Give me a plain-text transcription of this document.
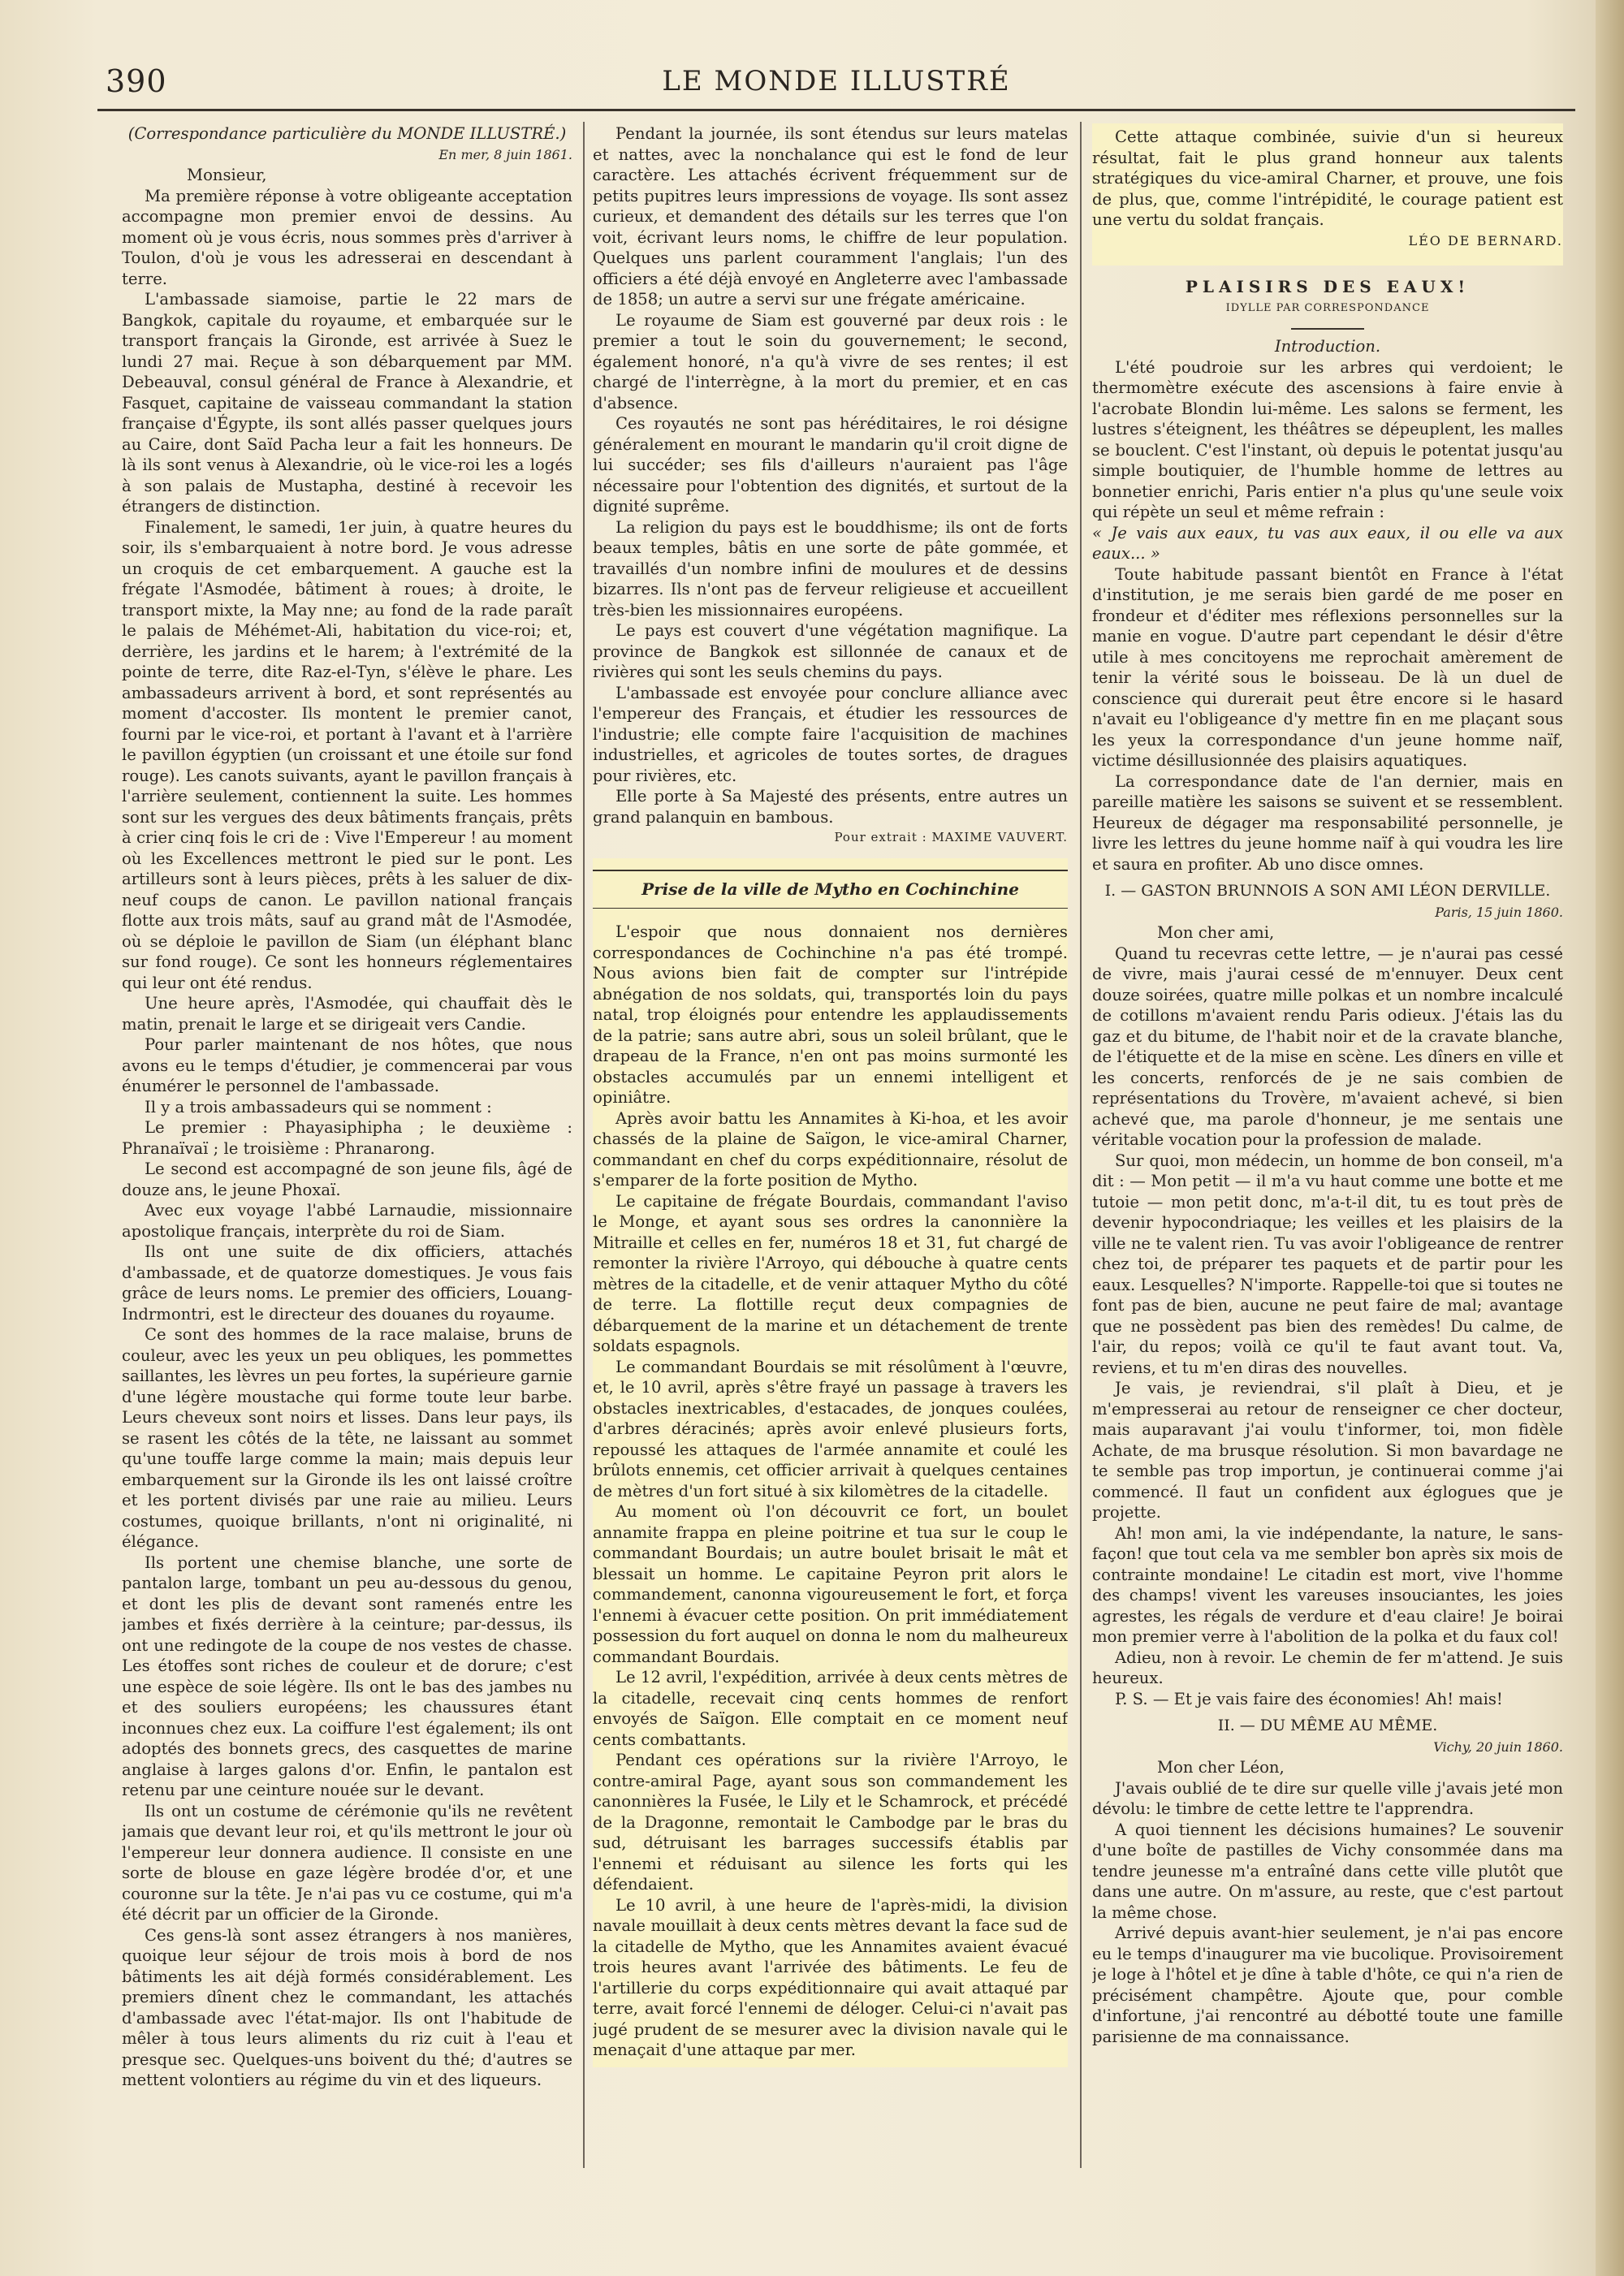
390	LE MONDE ILLUSTRÉ

(Correspondance particulière du MONDE ILLUSTRÉ.)

En mer, 8 juin 1861.

Monsieur,

Ma première réponse à votre obligeante acceptation accompagne mon premier envoi de dessins. Au moment où je vous écris, nous sommes près d'arriver à Toulon, d'où je vous les adresserai en descendant à terre.

L'ambassade siamoise, partie le 22 mars de Bangkok, capitale du royaume, et embarquée sur le transport français la Gironde, est arrivée à Suez le lundi 27 mai. Reçue à son débarquement par MM. Debeauval, consul général de France à Alexandrie, et Fasquet, capitaine de vaisseau commandant la station française d'Égypte, ils sont allés passer quelques jours au Caire, dont Saïd Pacha leur a fait les honneurs. De là ils sont venus à Alexandrie, où le vice-roi les a logés à son palais de Mustapha, destiné à recevoir les étrangers de distinction.

Finalement, le samedi, 1er juin, à quatre heures du soir, ils s'embarquaient à notre bord. Je vous adresse un croquis de cet embarquement. A gauche est la frégate l'Asmodée, bâtiment à roues; à droite, le transport mixte, la May nne; au fond de la rade paraît le palais de Méhémet-Ali, habitation du vice-roi; et, derrière, les jardins et le harem; à l'extrémité de la pointe de terre, dite Raz-el-Tyn, s'élève le phare. Les ambassadeurs arrivent à bord, et sont représentés au moment d'accoster. Ils montent le premier canot, fourni par le vice-roi, et portant à l'avant et à l'arrière le pavillon égyptien (un croissant et une étoile sur fond rouge). Les canots suivants, ayant le pavillon français à l'arrière seulement, contiennent la suite. Les hommes sont sur les vergues des deux bâtiments français, prêts à crier cinq fois le cri de : Vive l'Empereur ! au moment où les Excellences mettront le pied sur le pont. Les artilleurs sont à leurs pièces, prêts à les saluer de dix-neuf coups de canon. Le pavillon national français flotte aux trois mâts, sauf au grand mât de l'Asmodée, où se déploie le pavillon de Siam (un éléphant blanc sur fond rouge). Ce sont les honneurs réglementaires qui leur ont été rendus.

Une heure après, l'Asmodée, qui chauffait dès le matin, prenait le large et se dirigeait vers Candie.

Pour parler maintenant de nos hôtes, que nous avons eu le temps d'étudier, je commencerai par vous énumérer le personnel de l'ambassade.

Il y a trois ambassadeurs qui se nomment :

Le premier : Phayasiphipha ; le deuxième : Phranaïvaï ; le troisième : Phranarong.

Le second est accompagné de son jeune fils, âgé de douze ans, le jeune Phoxaï.

Avec eux voyage l'abbé Larnaudie, missionnaire apostolique français, interprète du roi de Siam.

Ils ont une suite de dix officiers, attachés d'ambassade, et de quatorze domestiques. Je vous fais grâce de leurs noms. Le premier des officiers, Louang-Indrmontri, est le directeur des douanes du royaume.

Ce sont des hommes de la race malaise, bruns de couleur, avec les yeux un peu obliques, les pommettes saillantes, les lèvres un peu fortes, la supérieure garnie d'une légère moustache qui forme toute leur barbe. Leurs cheveux sont noirs et lisses. Dans leur pays, ils se rasent les côtés de la tête, ne laissant au sommet qu'une touffe large comme la main; mais depuis leur embarquement sur la Gironde ils les ont laissé croître et les portent divisés par une raie au milieu. Leurs costumes, quoique brillants, n'ont ni originalité, ni élégance.

Ils portent une chemise blanche, une sorte de pantalon large, tombant un peu au-dessous du genou, et dont les plis de devant sont ramenés entre les jambes et fixés derrière à la ceinture; par-dessus, ils ont une redingote de la coupe de nos vestes de chasse. Les étoffes sont riches de couleur et de dorure; c'est une espèce de soie légère. Ils ont le bas des jambes nu et des souliers européens; les chaussures étant inconnues chez eux. La coiffure l'est également; ils ont adoptés des bonnets grecs, des casquettes de marine anglaise à larges galons d'or. Enfin, le pantalon est retenu par une ceinture nouée sur le devant.

Ils ont un costume de cérémonie qu'ils ne revêtent jamais que devant leur roi, et qu'ils mettront le jour où l'empereur leur donnera audience. Il consiste en une sorte de blouse en gaze légère brodée d'or, et une couronne sur la tête. Je n'ai pas vu ce costume, qui m'a été décrit par un officier de la Gironde.

Ces gens-là sont assez étrangers à nos manières, quoique leur séjour de trois mois à bord de nos bâtiments les ait déjà formés considérablement. Les premiers dînent chez le commandant, les attachés d'ambassade avec l'état-major. Ils ont l'habitude de mêler à tous leurs aliments du riz cuit à l'eau et presque sec. Quelques-uns boivent du thé; d'autres se mettent volontiers au régime du vin et des liqueurs.

Pendant la journée, ils sont étendus sur leurs matelas et nattes, avec la nonchalance qui est le fond de leur caractère. Les attachés écrivent fréquemment sur de petits pupitres leurs impressions de voyage. Ils sont assez curieux, et demandent des détails sur les terres que l'on voit, écrivant leurs noms, le chiffre de leur population. Quelques uns parlent couramment l'anglais; l'un des officiers a été déjà envoyé en Angleterre avec l'ambassade de 1858; un autre a servi sur une frégate américaine.

Le royaume de Siam est gouverné par deux rois : le premier a tout le soin du gouvernement; le second, également honoré, n'a qu'à vivre de ses rentes; il est chargé de l'interrègne, à la mort du premier, et en cas d'absence.

Ces royautés ne sont pas héréditaires, le roi désigne généralement en mourant le mandarin qu'il croit digne de lui succéder; ses fils d'ailleurs n'auraient pas l'âge nécessaire pour l'obtention des dignités, et surtout de la dignité suprême.

La religion du pays est le bouddhisme; ils ont de forts beaux temples, bâtis en une sorte de pâte gommée, et travaillés d'un nombre infini de moulures et de dessins bizarres. Ils n'ont pas de ferveur religieuse et accueillent très-bien les missionnaires européens.

Le pays est couvert d'une végétation magnifique. La province de Bangkok est sillonnée de canaux et de rivières qui sont les seuls chemins du pays.

L'ambassade est envoyée pour conclure alliance avec l'empereur des Français, et étudier les ressources de l'industrie; elle compte faire l'acquisition de machines industrielles, et agricoles de toutes sortes, de dragues pour rivières, etc.

Elle porte à Sa Majesté des présents, entre autres un grand palanquin en bambous.

Pour extrait : MAXIME VAUVERT.

Prise de la ville de Mytho en Cochinchine

L'espoir que nous donnaient nos dernières correspondances de Cochinchine n'a pas été trompé. Nous avions bien fait de compter sur l'intrépide abnégation de nos soldats, qui, transportés loin du pays natal, trop éloignés pour entendre les applaudissements de la patrie; sans autre abri, sous un soleil brûlant, que le drapeau de la France, n'en ont pas moins surmonté les obstacles accumulés par un ennemi intelligent et opiniâtre.

Après avoir battu les Annamites à Ki-hoa, et les avoir chassés de la plaine de Saïgon, le vice-amiral Charner, commandant en chef du corps expéditionnaire, résolut de s'emparer de la forte position de Mytho.

Le capitaine de frégate Bourdais, commandant l'aviso le Monge, et ayant sous ses ordres la canonnière la Mitraille et celles en fer, numéros 18 et 31, fut chargé de remonter la rivière l'Arroyo, qui débouche à quatre cents mètres de la citadelle, et de venir attaquer Mytho du côté de terre. La flottille reçut deux compagnies de débarquement de la marine et un détachement de trente soldats espagnols.

Le commandant Bourdais se mit résolûment à l'œuvre, et, le 10 avril, après s'être frayé un passage à travers les obstacles inextricables, d'estacades, de jonques coulées, d'arbres déracinés; après avoir enlevé plusieurs forts, repoussé les attaques de l'armée annamite et coulé les brûlots ennemis, cet officier arrivait à quelques centaines de mètres d'un fort situé à six kilomètres de la citadelle.

Au moment où l'on découvrit ce fort, un boulet annamite frappa en pleine poitrine et tua sur le coup le commandant Bourdais; un autre boulet brisait le mât et blessait un homme. Le capitaine Peyron prit alors le commandement, canonna vigoureusement le fort, et força l'ennemi à évacuer cette position. On prit immédiatement possession du fort auquel on donna le nom du malheureux commandant Bourdais.

Le 12 avril, l'expédition, arrivée à deux cents mètres de la citadelle, recevait cinq cents hommes de renfort envoyés de Saïgon. Elle comptait en ce moment neuf cents combattants.

Pendant ces opérations sur la rivière l'Arroyo, le contre-amiral Page, ayant sous son commandement les canonnières la Fusée, le Lily et le Schamrock, et précédé de la Dragonne, remontait le Cambodge par le bras du sud, détruisant les barrages successifs établis par l'ennemi et réduisant au silence les forts qui les défendaient.

Le 10 avril, à une heure de l'après-midi, la division navale mouillait à deux cents mètres devant la face sud de la citadelle de Mytho, que les Annamites avaient évacué trois heures avant l'arrivée des bâtiments. Le feu de l'artillerie du corps expéditionnaire qui avait attaqué par terre, avait forcé l'ennemi de déloger. Celui-ci n'avait pas jugé prudent de se mesurer avec la division navale qui le menaçait d'une attaque par mer.

Cette attaque combinée, suivie d'un si heureux résultat, fait le plus grand honneur aux talents stratégiques du vice-amiral Charner, et prouve, une fois de plus, que, comme l'intrépidité, le courage patient est une vertu du soldat français.

LÉO DE BERNARD.

PLAISIRS DES EAUX!
IDYLLE PAR CORRESPONDANCE

Introduction.

L'été poudroie sur les arbres qui verdoient; le thermomètre exécute des ascensions à faire envie à l'acrobate Blondin lui-même. Les salons se ferment, les lustres s'éteignent, les théâtres se dépeuplent, les malles se bouclent. C'est l'instant, où depuis le potentat jusqu'au simple boutiquier, de l'humble homme de lettres au bonnetier enrichi, Paris entier n'a plus qu'une seule voix qui répète un seul et même refrain :

« Je vais aux eaux, tu vas aux eaux, il ou elle va aux eaux... »

Toute habitude passant bientôt en France à l'état d'institution, je me serais bien gardé de me poser en frondeur et d'éditer mes réflexions personnelles sur la manie en vogue. D'autre part cependant le désir d'être utile à mes concitoyens me reprochait amèrement de tenir la vérité sous le boisseau. De là un duel de conscience qui durerait peut être encore si le hasard n'avait eu l'obligeance d'y mettre fin en me plaçant sous les yeux la correspondance d'un jeune homme naïf, victime désillusionnée des plaisirs aquatiques.

La correspondance date de l'an dernier, mais en pareille matière les saisons se suivent et se ressemblent. Heureux de dégager ma responsabilité personnelle, je livre les lettres du jeune homme naïf à qui voudra les lire et saura en profiter. Ab uno disce omnes.

I. — GASTON BRUNNOIS A SON AMI LÉON DERVILLE.

Paris, 15 juin 1860.

Mon cher ami,

Quand tu recevras cette lettre, — je n'aurai pas cessé de vivre, mais j'aurai cessé de m'ennuyer. Deux cent douze soirées, quatre mille polkas et un nombre incalculé de cotillons m'avaient rendu Paris odieux. J'étais las du gaz et du bitume, de l'habit noir et de la cravate blanche, de l'étiquette et de la mise en scène. Les dîners en ville et les concerts, renforcés de je ne sais combien de représentations du Trovère, m'avaient achevé, si bien achevé que, ma parole d'honneur, je me sentais une véritable vocation pour la profession de malade.

Sur quoi, mon médecin, un homme de bon conseil, m'a dit : — Mon petit — il m'a vu haut comme une botte et me tutoie — mon petit donc, m'a-t-il dit, tu es tout près de devenir hypocondriaque; les veilles et les plaisirs de la ville ne te valent rien. Tu vas avoir l'obligeance de rentrer chez toi, de préparer tes paquets et de partir pour les eaux. Lesquelles? N'importe. Rappelle-toi que si toutes ne font pas de bien, aucune ne peut faire de mal; avantage que ne possèdent pas bien des remèdes! Du calme, de l'air, du repos; voilà ce qu'il te faut avant tout. Va, reviens, et tu m'en diras des nouvelles.

Je vais, je reviendrai, s'il plaît à Dieu, et je m'empresserai au retour de renseigner ce cher docteur, mais auparavant j'ai voulu t'informer, toi, mon fidèle Achate, de ma brusque résolution. Si mon bavardage ne te semble pas trop importun, je continuerai comme j'ai commencé. Il faut un confident aux églogues que je projette.

Ah! mon ami, la vie indépendante, la nature, le sans-façon! que tout cela va me sembler bon après six mois de contrainte mondaine! Le citadin est mort, vive l'homme des champs! vivent les vareuses insouciantes, les joies agrestes, les régals de verdure et d'eau claire! Je boirai mon premier verre à l'abolition de la polka et du faux col!

Adieu, non à revoir. Le chemin de fer m'attend. Je suis heureux.

P. S. — Et je vais faire des économies! Ah! mais!

II. — DU MÊME AU MÊME.

Vichy, 20 juin 1860.

Mon cher Léon,

J'avais oublié de te dire sur quelle ville j'avais jeté mon dévolu: le timbre de cette lettre te l'apprendra.

A quoi tiennent les décisions humaines? Le souvenir d'une boîte de pastilles de Vichy consommée dans ma tendre jeunesse m'a entraîné dans cette ville plutôt que dans une autre. On m'assure, au reste, que c'est partout la même chose.

Arrivé depuis avant-hier seulement, je n'ai pas encore eu le temps d'inaugurer ma vie bucolique. Provisoirement je loge à l'hôtel et je dîne à table d'hôte, ce qui n'a rien de précisément champêtre. Ajoute que, pour comble d'infortune, j'ai rencontré au débotté toute une famille parisienne de ma connaissance.
